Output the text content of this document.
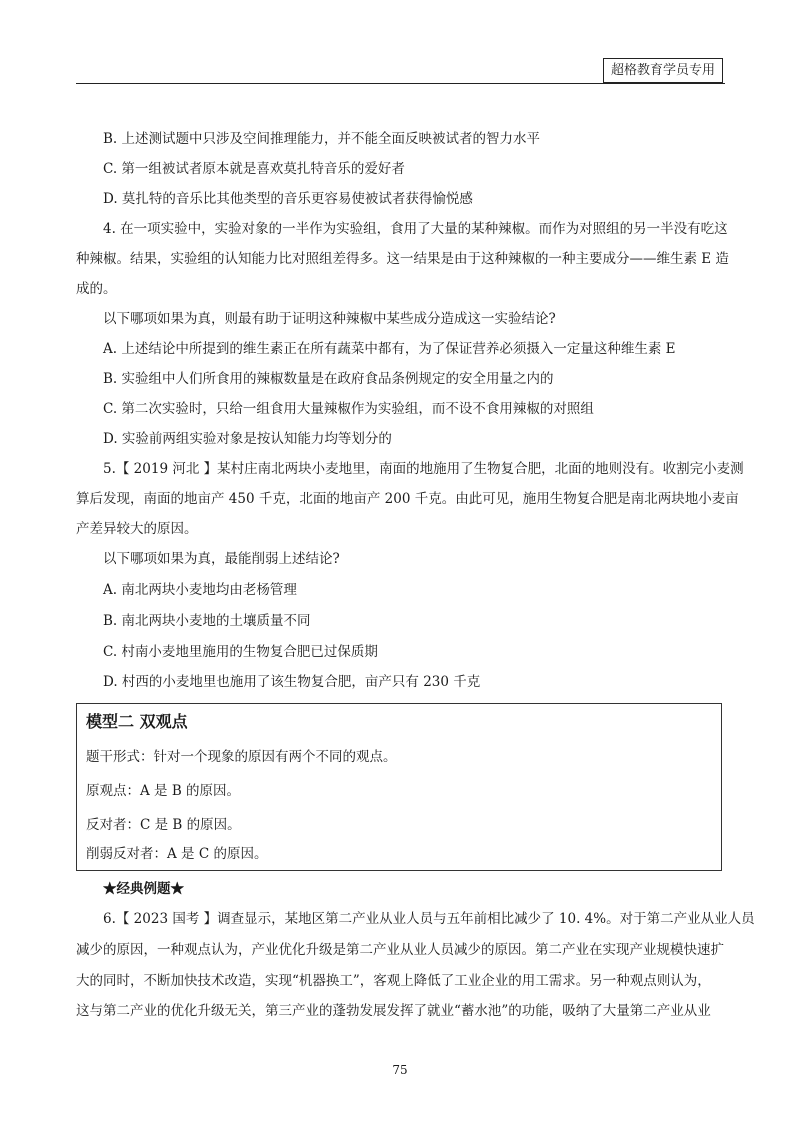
超格教育学员专用
B. 上述测试题中只涉及空间推理能力，并不能全面反映被试者的智力水平
C. 第一组被试者原本就是喜欢莫扎特音乐的爱好者
D. 莫扎特的音乐比其他类型的音乐更容易使被试者获得愉悦感
4. 在一项实验中，实验对象的一半作为实验组，食用了大量的某种辣椒。而作为对照组的另一半没有吃这
种辣椒。结果，实验组的认知能力比对照组差得多。这一结果是由于这种辣椒的一种主要成分——维生素 E 造
成的。
以下哪项如果为真，则最有助于证明这种辣椒中某些成分造成这一实验结论?
A. 上述结论中所提到的维生素正在所有蔬菜中都有，为了保证营养必须摄入一定量这种维生素 E
B. 实验组中人们所食用的辣椒数量是在政府食品条例规定的安全用量之内的
C. 第二次实验时，只给一组食用大量辣椒作为实验组，而不设不食用辣椒的对照组
D. 实验前两组实验对象是按认知能力均等划分的
5.【 2019 河北 】某村庄南北两块小麦地里，南面的地施用了生物复合肥，北面的地则没有。收割完小麦测
算后发现，南面的地亩产 450 千克，北面的地亩产 200 千克。由此可见，施用生物复合肥是南北两块地小麦亩
产差异较大的原因。
以下哪项如果为真，最能削弱上述结论?
A. 南北两块小麦地均由老杨管理
B. 南北两块小麦地的土壤质量不同
C. 村南小麦地里施用的生物复合肥已过保质期
D. 村西的小麦地里也施用了该生物复合肥，亩产只有 230 千克
模型二 双观点
题干形式：针对一个现象的原因有两个不同的观点。
原观点：A 是 B 的原因。
反对者：C 是 B 的原因。
削弱反对者：A 是 C 的原因。
★经典例题★
6.【 2023 国考 】调查显示，某地区第二产业从业人员与五年前相比减少了 10. 4%。对于第二产业从业人员
减少的原因，一种观点认为，产业优化升级是第二产业从业人员减少的原因。第二产业在实现产业规模快速扩
大的同时，不断加快技术改造，实现“机器换工”，客观上降低了工业企业的用工需求。另一种观点则认为，
这与第二产业的优化升级无关，第三产业的蓬勃发展发挥了就业“蓄水池”的功能，吸纳了大量第二产业从业
75
